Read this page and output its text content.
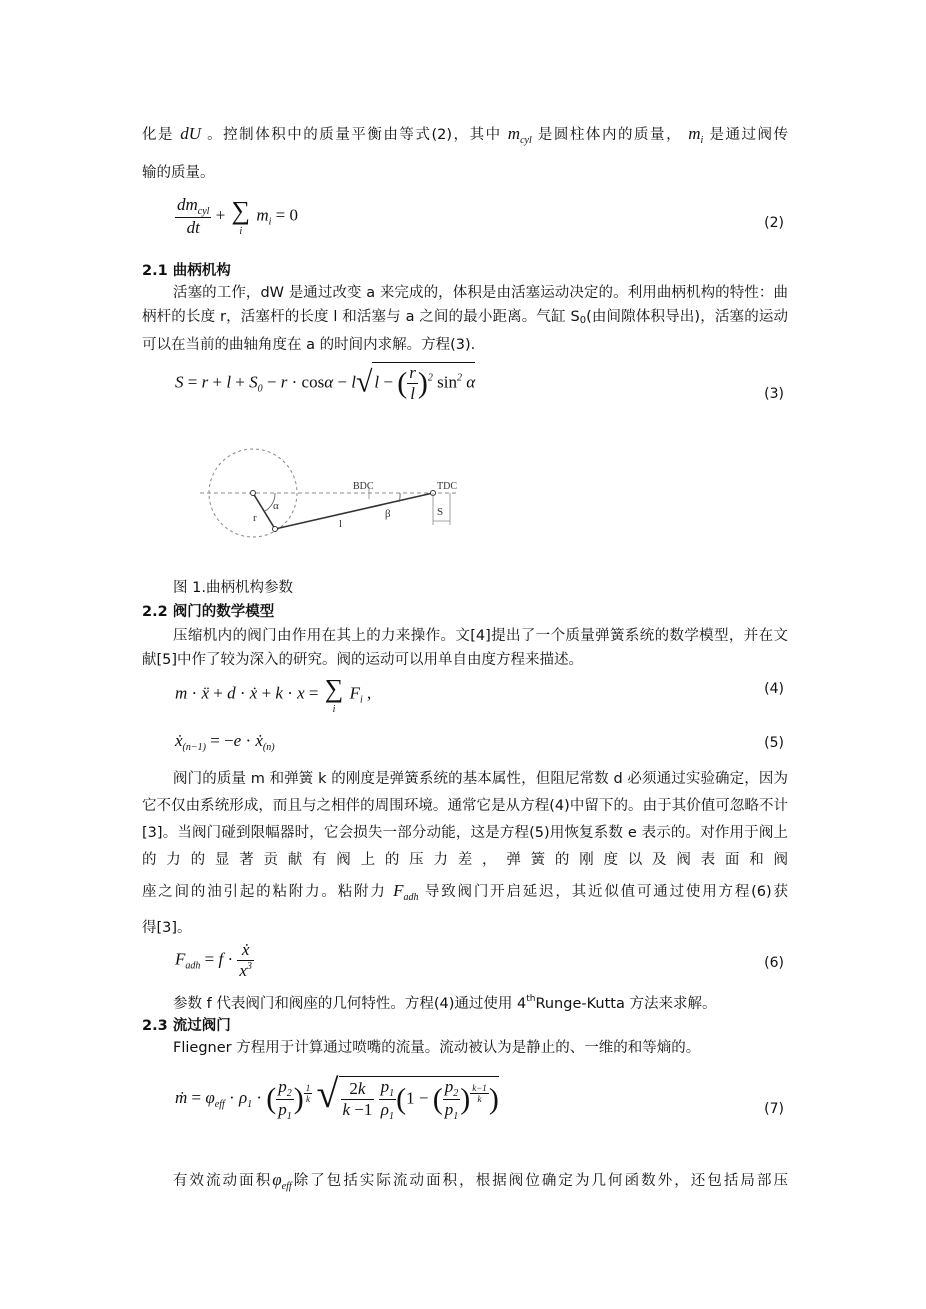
化是 dU 。控制体积中的质量平衡由等式(2)，其中 $m_{cyl}$ 是圆柱体内的质量， $m_i$ 是通过阀传
输的质量。
$\frac{dm_{cyl}}{dt}$ + ∑
i
$m_i = 0$	(2)
2.1 曲柄机构
活塞的工作，dW 是通过改变 a 来完成的，体积是由活塞运动决定的。利用曲柄机构的特性：曲柄杆的长度 r，活塞杆的长度 l 和活塞与 a 之间的最小距离。气缸 $S_0$(由间隙体积导出)，活塞的运动可以在当前的曲轴角度在 a 的时间内求解。方程(3).
$S = r + l + S_0 - r \cdot \cos\alpha - l√$ l − ( $\frac{r}{l} )^2$ $\sin^2 \alpha$
(3)
BDC	TDC
r
α
l
β	S
图 1.曲柄机构参数
2.2 阀门的数学模型
压缩机内的阀门由作用在其上的力来操作。文[4]提出了一个质量弹簧系统的数学模型，并在文献[5]中作了较为深入的研究。阀的运动可以用单自由度方程来描述。
m · ẍ + d · ẋ + k · x = ∑
i
$F_i$ ,	(4)
ẋ$_{(n-1)}$ = −e · ẋ$_{(n)}$	(5)
阀门的质量 m 和弹簧 k 的刚度是弹簧系统的基本属性，但阻尼常数 d 必须通过实验确定，因为它不仅由系统形成，而且与之相伴的周围环境。通常它是从方程(4)中留下的。由于其价值可忽略不计[3]。当阀门碰到限幅器时，它会损失一部分动能，这是方程(5)用恢复系数 e 表示的。对作用于阀上的力的显著贡献有阀上的压力差，弹簧的刚度以及阀表面和阀
座之间的油引起的粘附力。粘附力 $F_{adh}$ 导致阀门开启延迟，其近似值可通过使用方程(6)获
得[3]。
$F_{adh} = f \cdot \frac{\text{ẋ}}{x^3}$	(6)
参数 f 代表阀门和阀座的几何特性。方程(4)通过使用 4thRunge-Kutta 方法来求解。
2.3 流过阀门
Fliegner 方程用于计算通过喷嘴的流量。流动被认为是静止的、一维的和等熵的。
ṁ = $\varphi_{eff} \cdot \rho_1$ · ( $\frac{p_2}{p_1}$ ) $^{\frac{1}{k}}$ √ $\frac{2k}{k -1}$
$\frac{p_1}{\rho_1} (1$ − ( $\frac{p_2}{p_1}$ ) $^{\frac{k-1}{k}}$ )	(7)
有效流动面积$\varphi_{eff}$除了包括实际流动面积，根据阀位确定为几何函数外，还包括局部压
